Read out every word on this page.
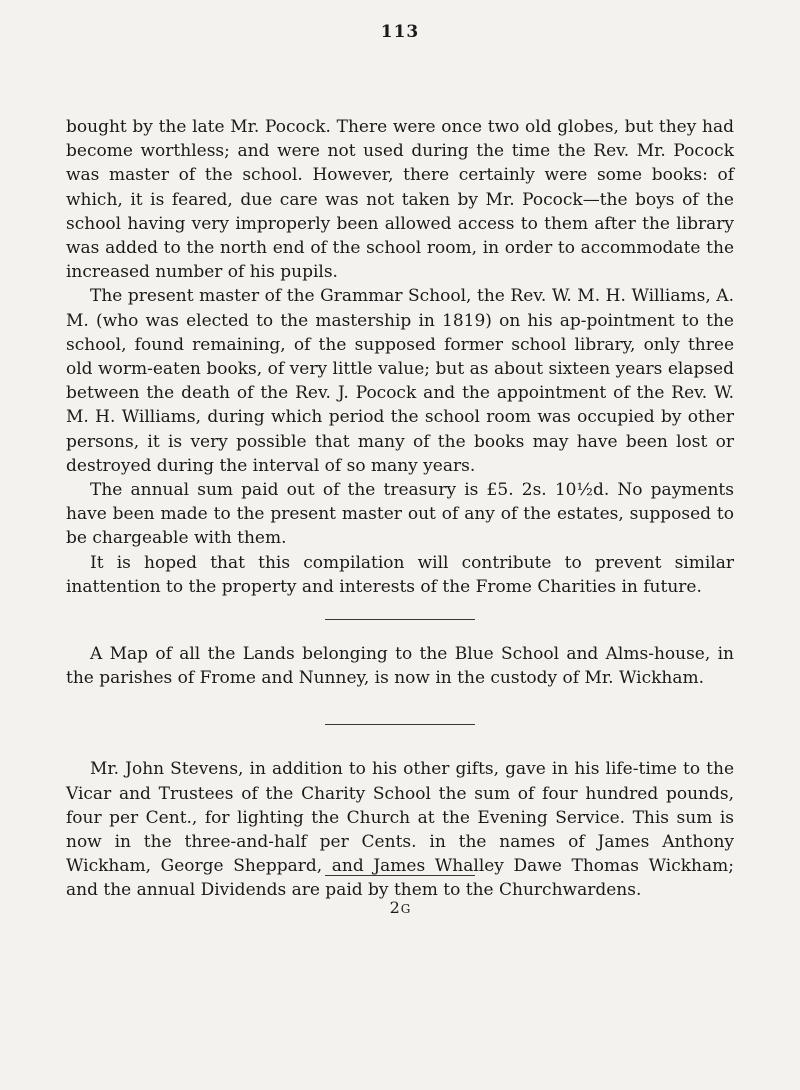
113

bought by the late Mr. Pocock. There were once two old globes, but they had become worthless; and were not used during the time the Rev. Mr. Pocock was master of the school. However, there certainly were some books: of which, it is feared, due care was not taken by Mr. Pocock—the boys of the school having very improperly been allowed access to them after the library was added to the north end of the school room, in order to accommodate the increased number of his pupils.

The present master of the Grammar School, the Rev. W. M. H. Williams, A. M. (who was elected to the mastership in 1819) on his ap-pointment to the school, found remaining, of the supposed former school library, only three old worm-eaten books, of very little value; but as about sixteen years elapsed between the death of the Rev. J. Pocock and the appointment of the Rev. W. M. H. Williams, during which period the school room was occupied by other persons, it is very possible that many of the books may have been lost or destroyed during the interval of so many years.

The annual sum paid out of the treasury is £5. 2s. 10½d. No payments have been made to the present master out of any of the estates, supposed to be chargeable with them.

It is hoped that this compilation will contribute to prevent similar inattention to the property and interests of the Frome Charities in future.

A Map of all the Lands belonging to the Blue School and Alms-house, in the parishes of Frome and Nunney, is now in the custody of Mr. Wickham.

Mr. John Stevens, in addition to his other gifts, gave in his life-time to the Vicar and Trustees of the Charity School the sum of four hundred pounds, four per Cent., for lighting the Church at the Evening Service. This sum is now in the three-and-half per Cents. in the names of James Anthony Wickham, George Sheppard, and James Whalley Dawe Thomas Wickham; and the annual Dividends are paid by them to the Churchwardens.

2G
